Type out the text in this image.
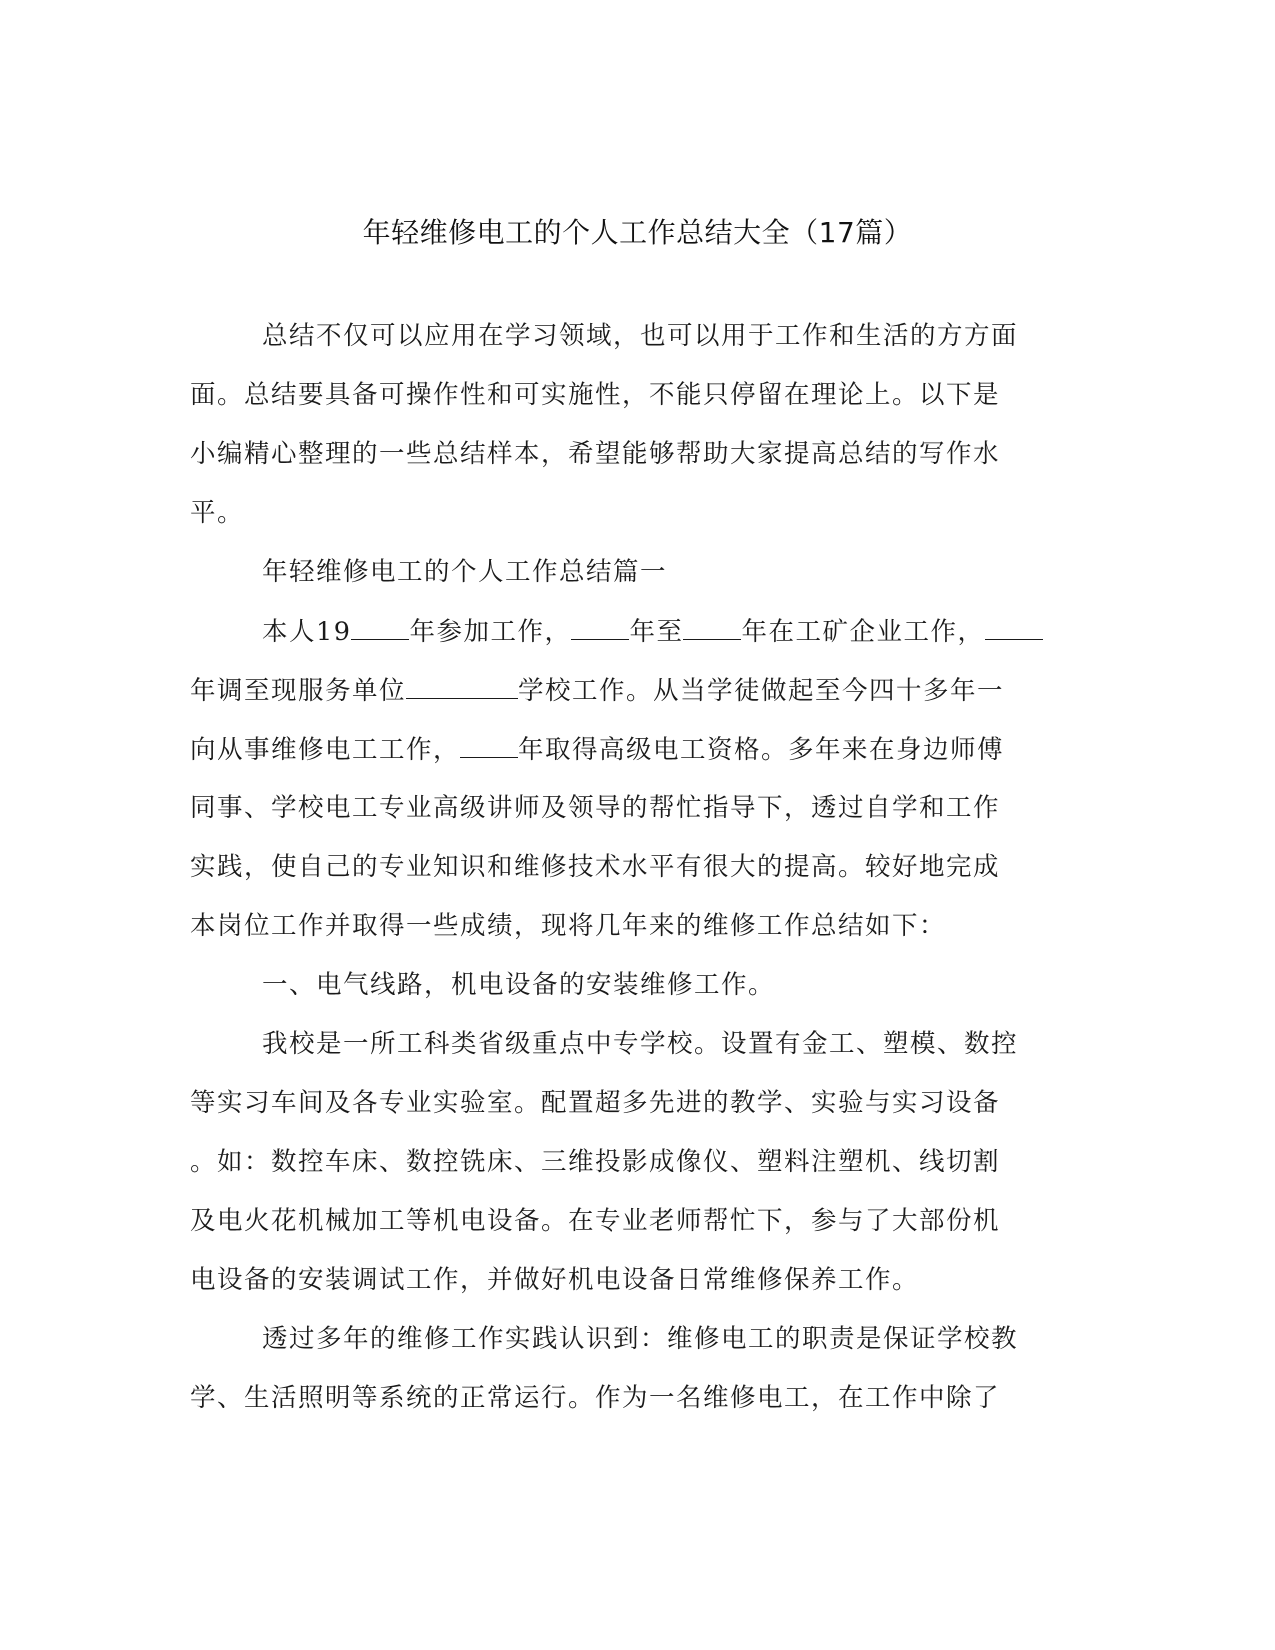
年轻维修电工的个人工作总结大全（17篇）
总结不仅可以应用在学习领域，也可以用于工作和生活的方方面
面。总结要具备可操作性和可实施性，不能只停留在理论上。以下是
小编精心整理的一些总结样本，希望能够帮助大家提高总结的写作水
平。
年轻维修电工的个人工作总结篇一
本人19 年参加工作， 年至 年在工矿企业工作，
年调至现服务单位	学校工作。从当学徒做起至今四十多年一
向从事维修电工工作， 年取得高级电工资格。多年来在身边师傅
同事、学校电工专业高级讲师及领导的帮忙指导下，透过自学和工作
实践，使自己的专业知识和维修技术水平有很大的提高。较好地完成
本岗位工作并取得一些成绩，现将几年来的维修工作总结如下：
一、电气线路，机电设备的安装维修工作。
我校是一所工科类省级重点中专学校。设置有金工、塑模、数控
等实习车间及各专业实验室。配置超多先进的教学、实验与实习设备
。如：数控车床、数控铣床、三维投影成像仪、塑料注塑机、线切割
及电火花机械加工等机电设备。在专业老师帮忙下，参与了大部份机
电设备的安装调试工作，并做好机电设备日常维修保养工作。
透过多年的维修工作实践认识到：维修电工的职责是保证学校教
学、生活照明等系统的正常运行。作为一名维修电工，在工作中除了
